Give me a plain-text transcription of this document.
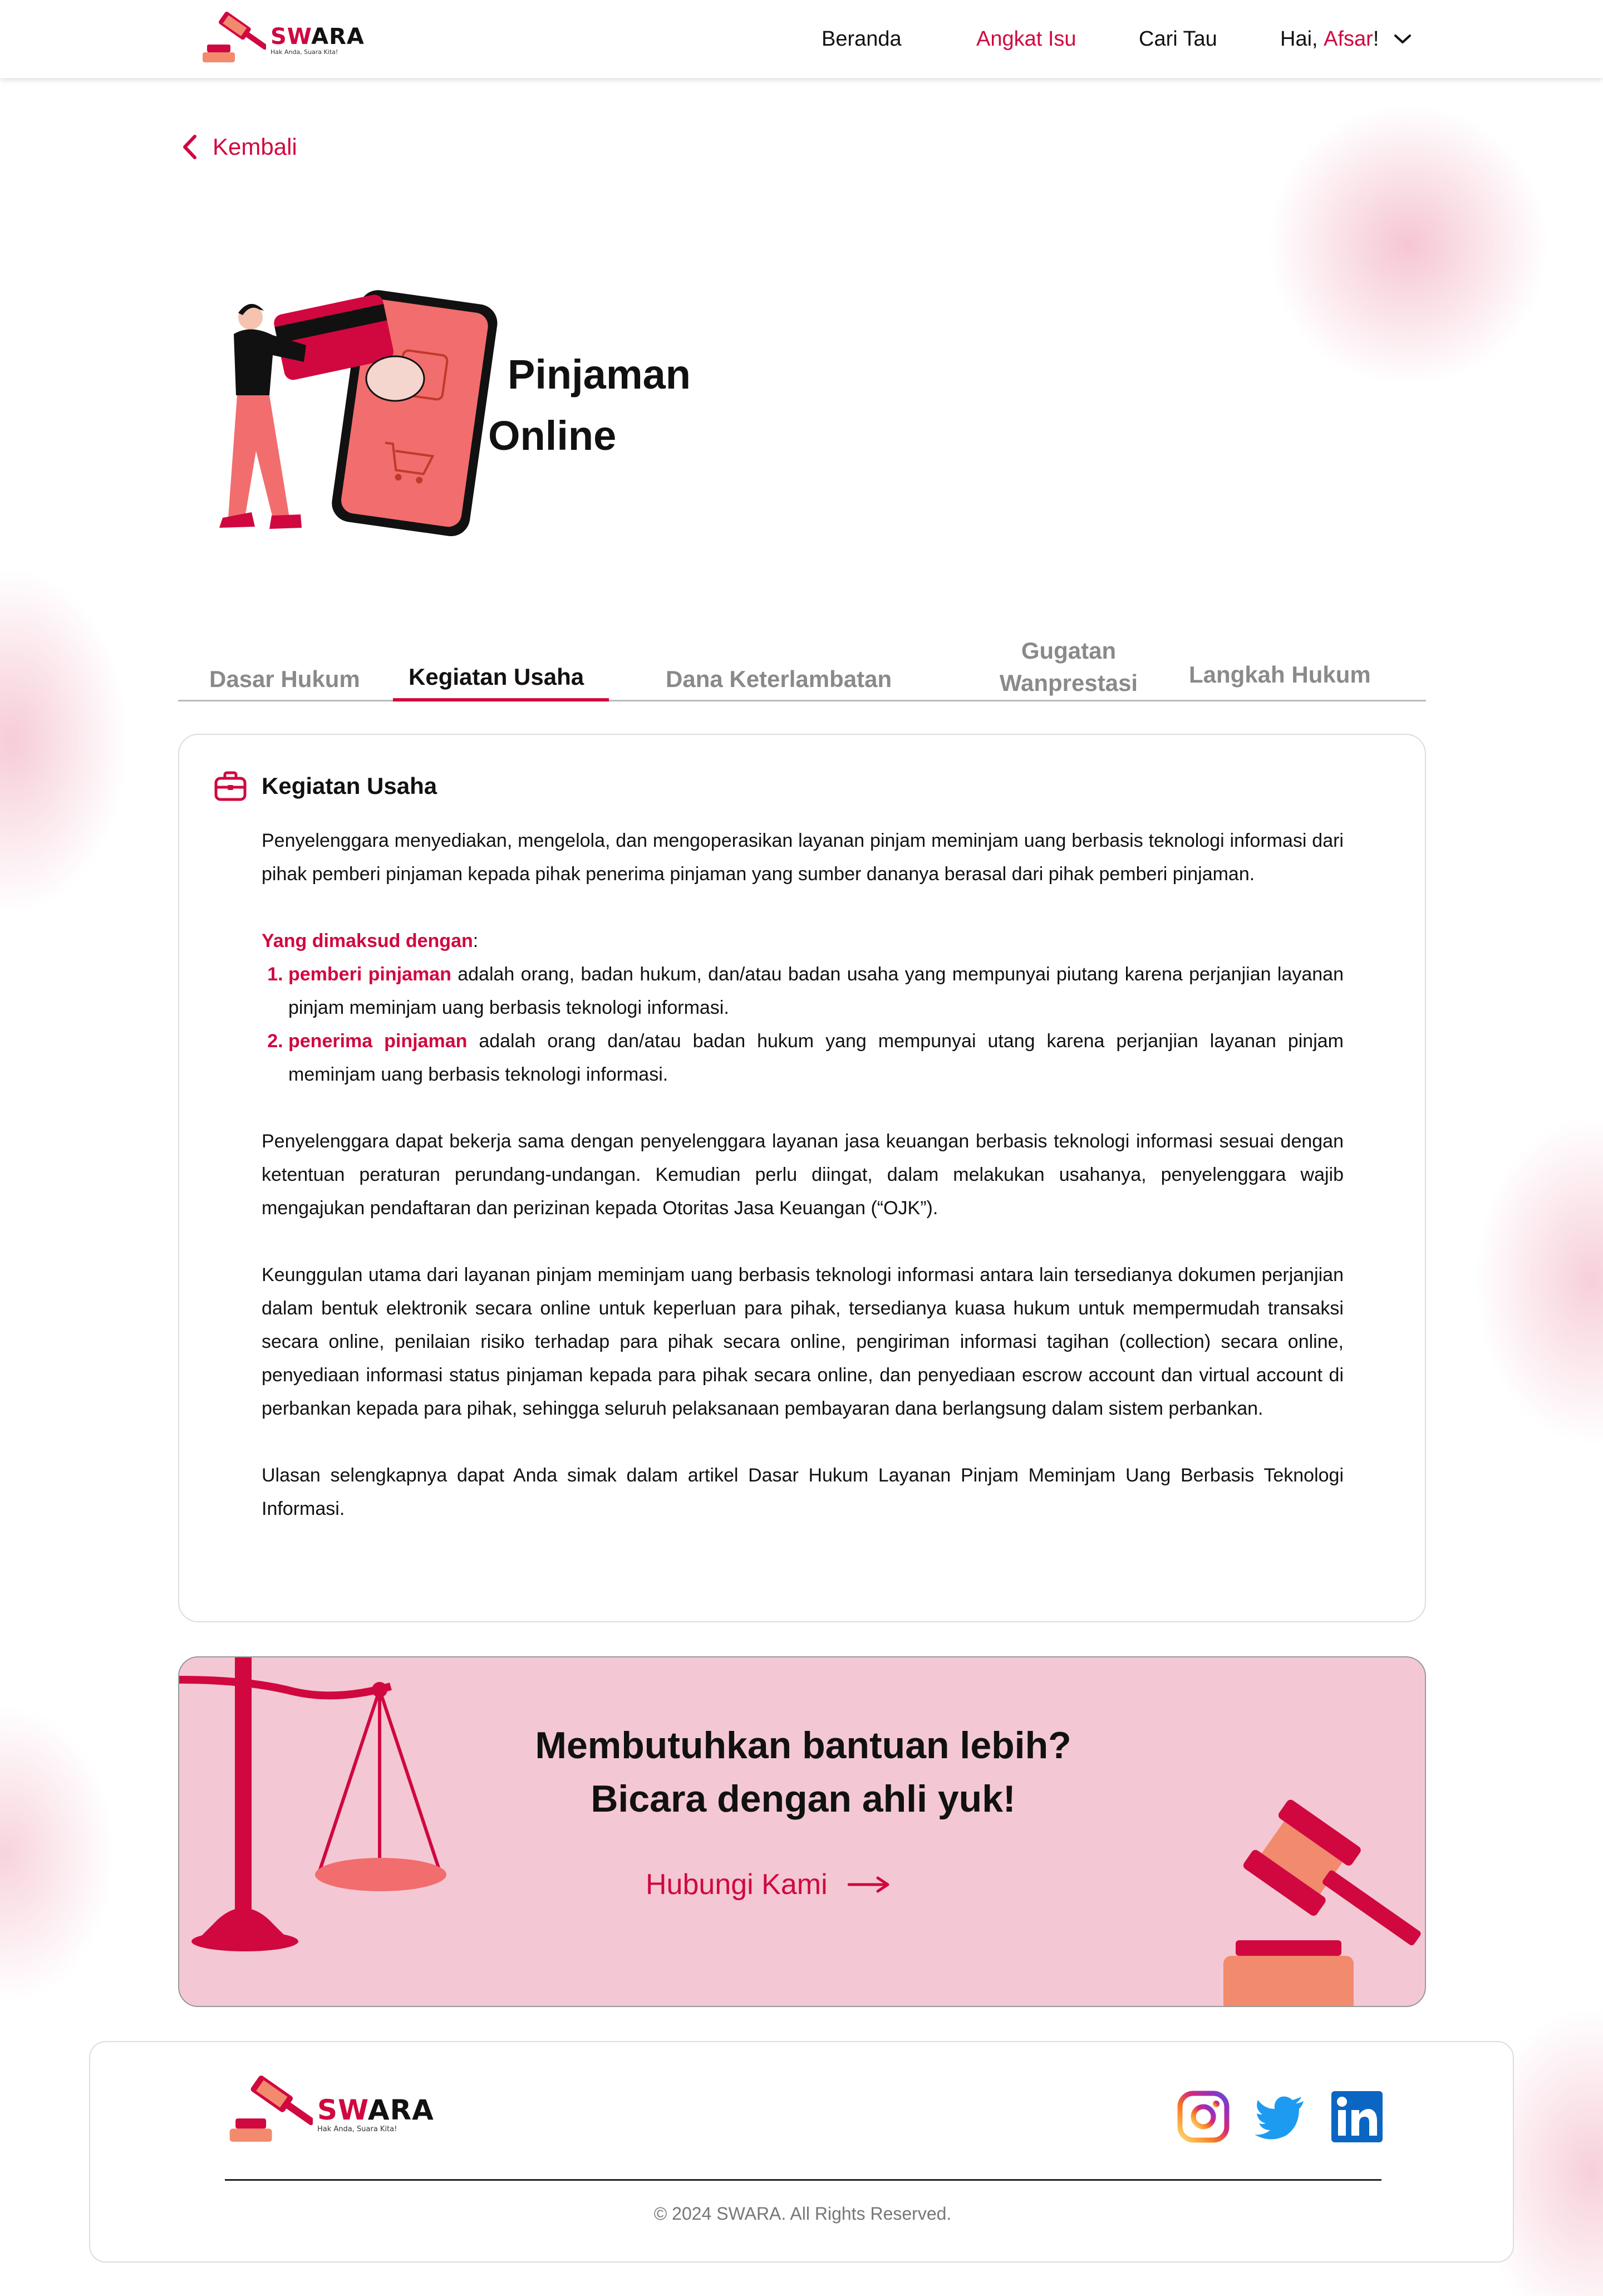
SWARA
Hak Anda, Suara Kita!
Beranda	Angkat Isu	Cari Tau	Hai, Afsar !
Kembali
Pinjaman
Online
Dasar Hukum Kegiatan Usaha	Dana Keterlambatan
Gugatan
Wanprestasi	Langkah Hukum
Kegiatan Usaha

Penyelenggara menyediakan, mengelola, dan mengoperasikan layanan pinjam meminjam uang berbasis teknologi informasi dari pihak pemberi pinjaman kepada pihak penerima pinjaman yang sumber dananya berasal dari pihak pemberi pinjaman.

Yang dimaksud dengan:
1. pemberi pinjaman adalah orang, badan hukum, dan/atau badan usaha yang mempunyai piutang karena perjanjian layanan pinjam meminjam uang berbasis teknologi informasi.
2. penerima pinjaman adalah orang dan/atau badan hukum yang mempunyai utang karena perjanjian layanan pinjam meminjam uang berbasis teknologi informasi.

Penyelenggara dapat bekerja sama dengan penyelenggara layanan jasa keuangan berbasis teknologi informasi sesuai dengan ketentuan peraturan perundang-undangan. Kemudian perlu diingat, dalam melakukan usahanya, penyelenggara wajib mengajukan pendaftaran dan perizinan kepada Otoritas Jasa Keuangan (“OJK”).

Keunggulan utama dari layanan pinjam meminjam uang berbasis teknologi informasi antara lain tersedianya dokumen perjanjian dalam bentuk elektronik secara online untuk keperluan para pihak, tersedianya kuasa hukum untuk mempermudah transaksi secara online, penilaian risiko terhadap para pihak secara online, pengiriman informasi tagihan (collection) secara online, penyediaan informasi status pinjaman kepada para pihak secara online, dan penyediaan escrow account dan virtual account di perbankan kepada para pihak, sehingga seluruh pelaksanaan pembayaran dana berlangsung dalam sistem perbankan.

Ulasan selengkapnya dapat Anda simak dalam artikel Dasar Hukum Layanan Pinjam Meminjam Uang Berbasis Teknologi Informasi.

Membutuhkan bantuan lebih?
Bicara dengan ahli yuk!
Hubungi Kami
SWARA
Hak Anda, Suara Kita!
© 2024 SWARA. All Rights Reserved.
